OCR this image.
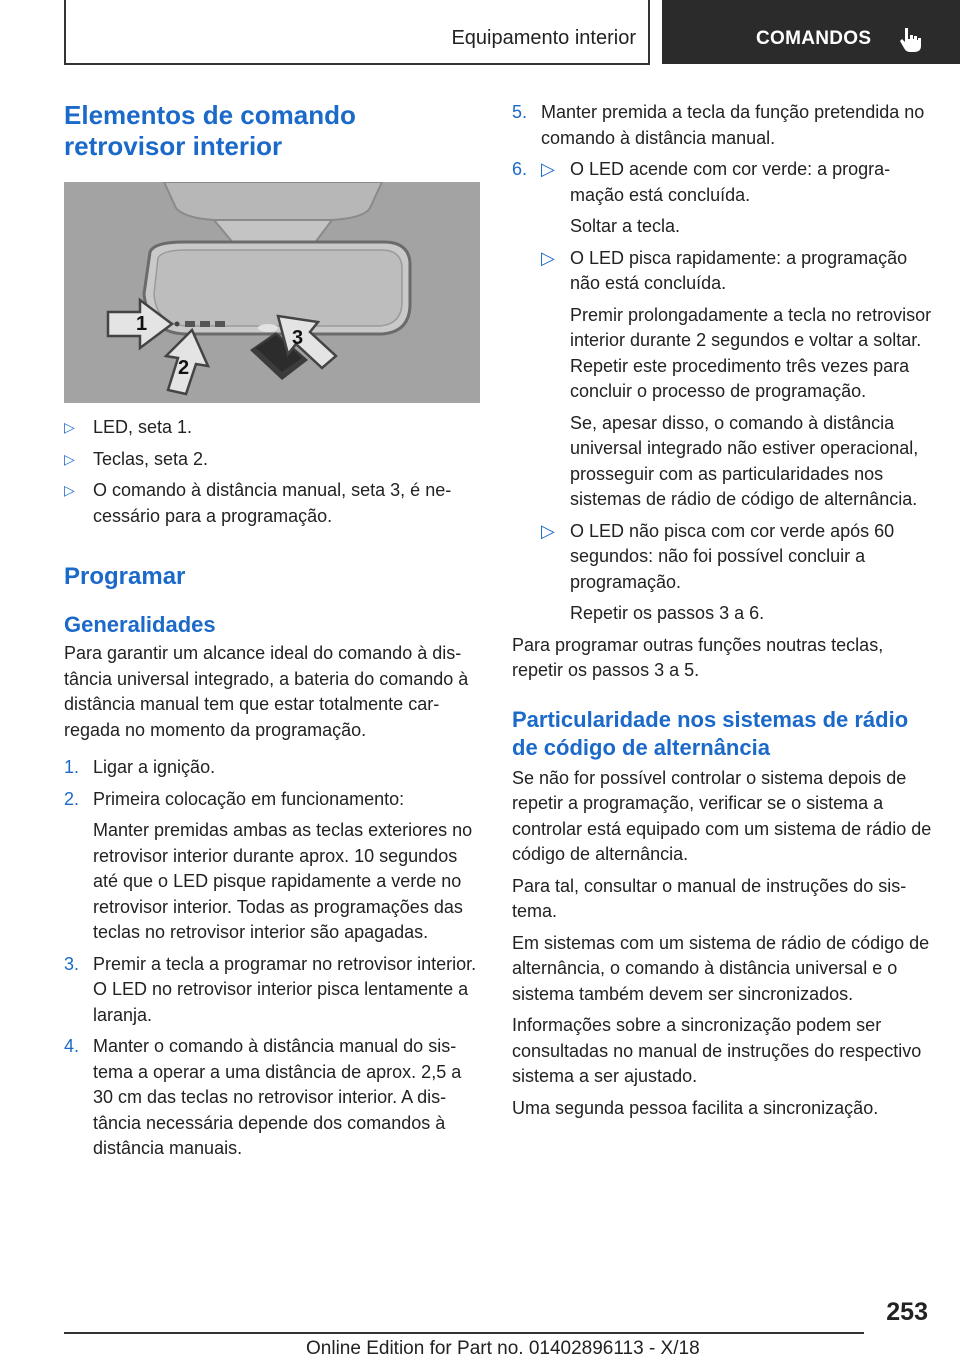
Equipamento interior	COMANDOS
Elementos de comando
retrovisor interior
1
2
3
▷ LED, seta 1.
▷ Teclas, seta 2.
▷ O comando à distância manual, seta 3, é necessário para a programação.
Programar
Generalidades

Para garantir um alcance ideal do comando à distância universal integrado, a bateria do comando à distância manual tem que estar totalmente carregada no momento da programação.

1. Ligar a ignição.
2. Primeira colocação em funcionamento:

Manter premidas ambas as teclas exteriores no retrovisor interior durante aprox. 10 segundos até que o LED pisque rapidamente a verde no retrovisor interior. Todas as programações das teclas no retrovisor interior são apagadas.

3. Premir a tecla a programar no retrovisor interior. O LED no retrovisor interior pisca lentamente a laranja.
4. Manter o comando à distância manual do sistema a operar a uma distância de aprox. 2,5 a 30 cm das teclas no retrovisor interior. A distância necessária depende dos comandos à distância manuais.
5. Manter premida a tecla da função pretendida no comando à distância manual.
6. ▷ O LED acende com cor verde: a programação está concluída.

Soltar a tecla.

▷ O LED pisca rapidamente: a programação não está concluída.

Premir prolongadamente a tecla no retrovisor interior durante 2 segundos e voltar a soltar. Repetir este procedimento três vezes para concluir o processo de programação.

Se, apesar disso, o comando à distância universal integrado não estiver operacional, prosseguir com as particularidades nos sistemas de rádio de código de alternância.

▷ O LED não pisca com cor verde após 60 segundos: não foi possível concluir a programação.

Repetir os passos 3 a 6.

Para programar outras funções noutras teclas, repetir os passos 3 a 5.

Particularidade nos sistemas de rádio de código de alternância

Se não for possível controlar o sistema depois de repetir a programação, verificar se o sistema a controlar está equipado com um sistema de rádio de código de alternância.

Para tal, consultar o manual de instruções do sistema.

Em sistemas com um sistema de rádio de código de alternância, o comando à distância universal e o sistema também devem ser sincronizados.

Informações sobre a sincronização podem ser consultadas no manual de instruções do respectivo sistema a ser ajustado.

Uma segunda pessoa facilita a sincronização.

253
Online Edition for Part no. 01402896113 - X/18
